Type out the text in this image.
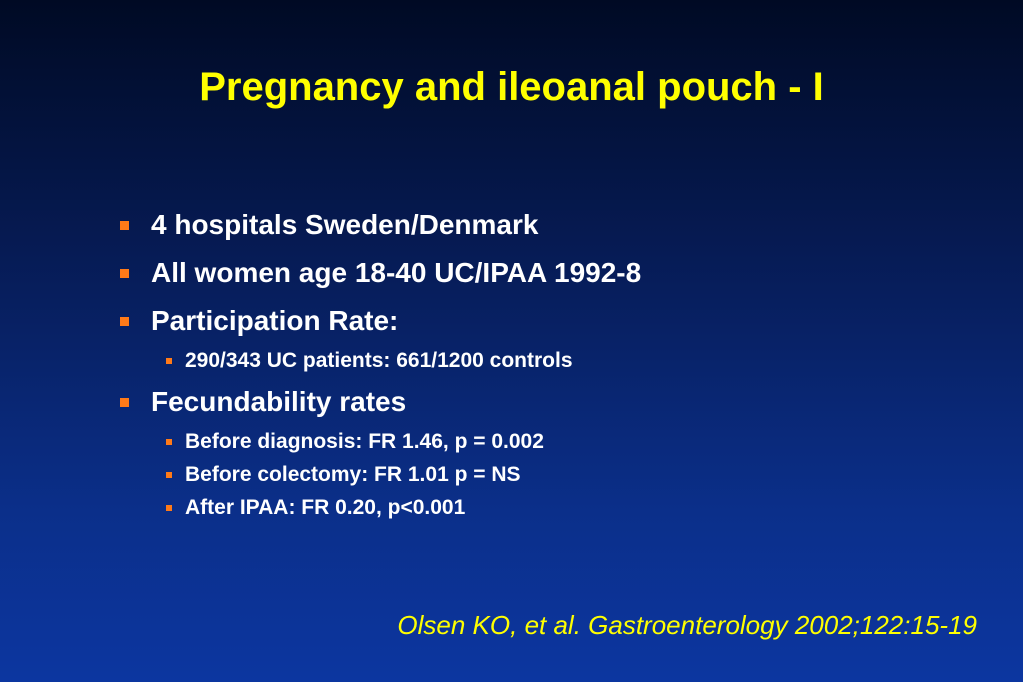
Pregnancy and ileoanal pouch - I
4 hospitals Sweden/Denmark
All women age 18-40 UC/IPAA 1992-8
Participation Rate:
290/343 UC patients: 661/1200 controls
Fecundability rates
Before diagnosis: FR 1.46, p = 0.002
Before colectomy: FR 1.01 p = NS
After IPAA: FR 0.20, p<0.001

Olsen KO, et al. Gastroenterology 2002;122:15-19
